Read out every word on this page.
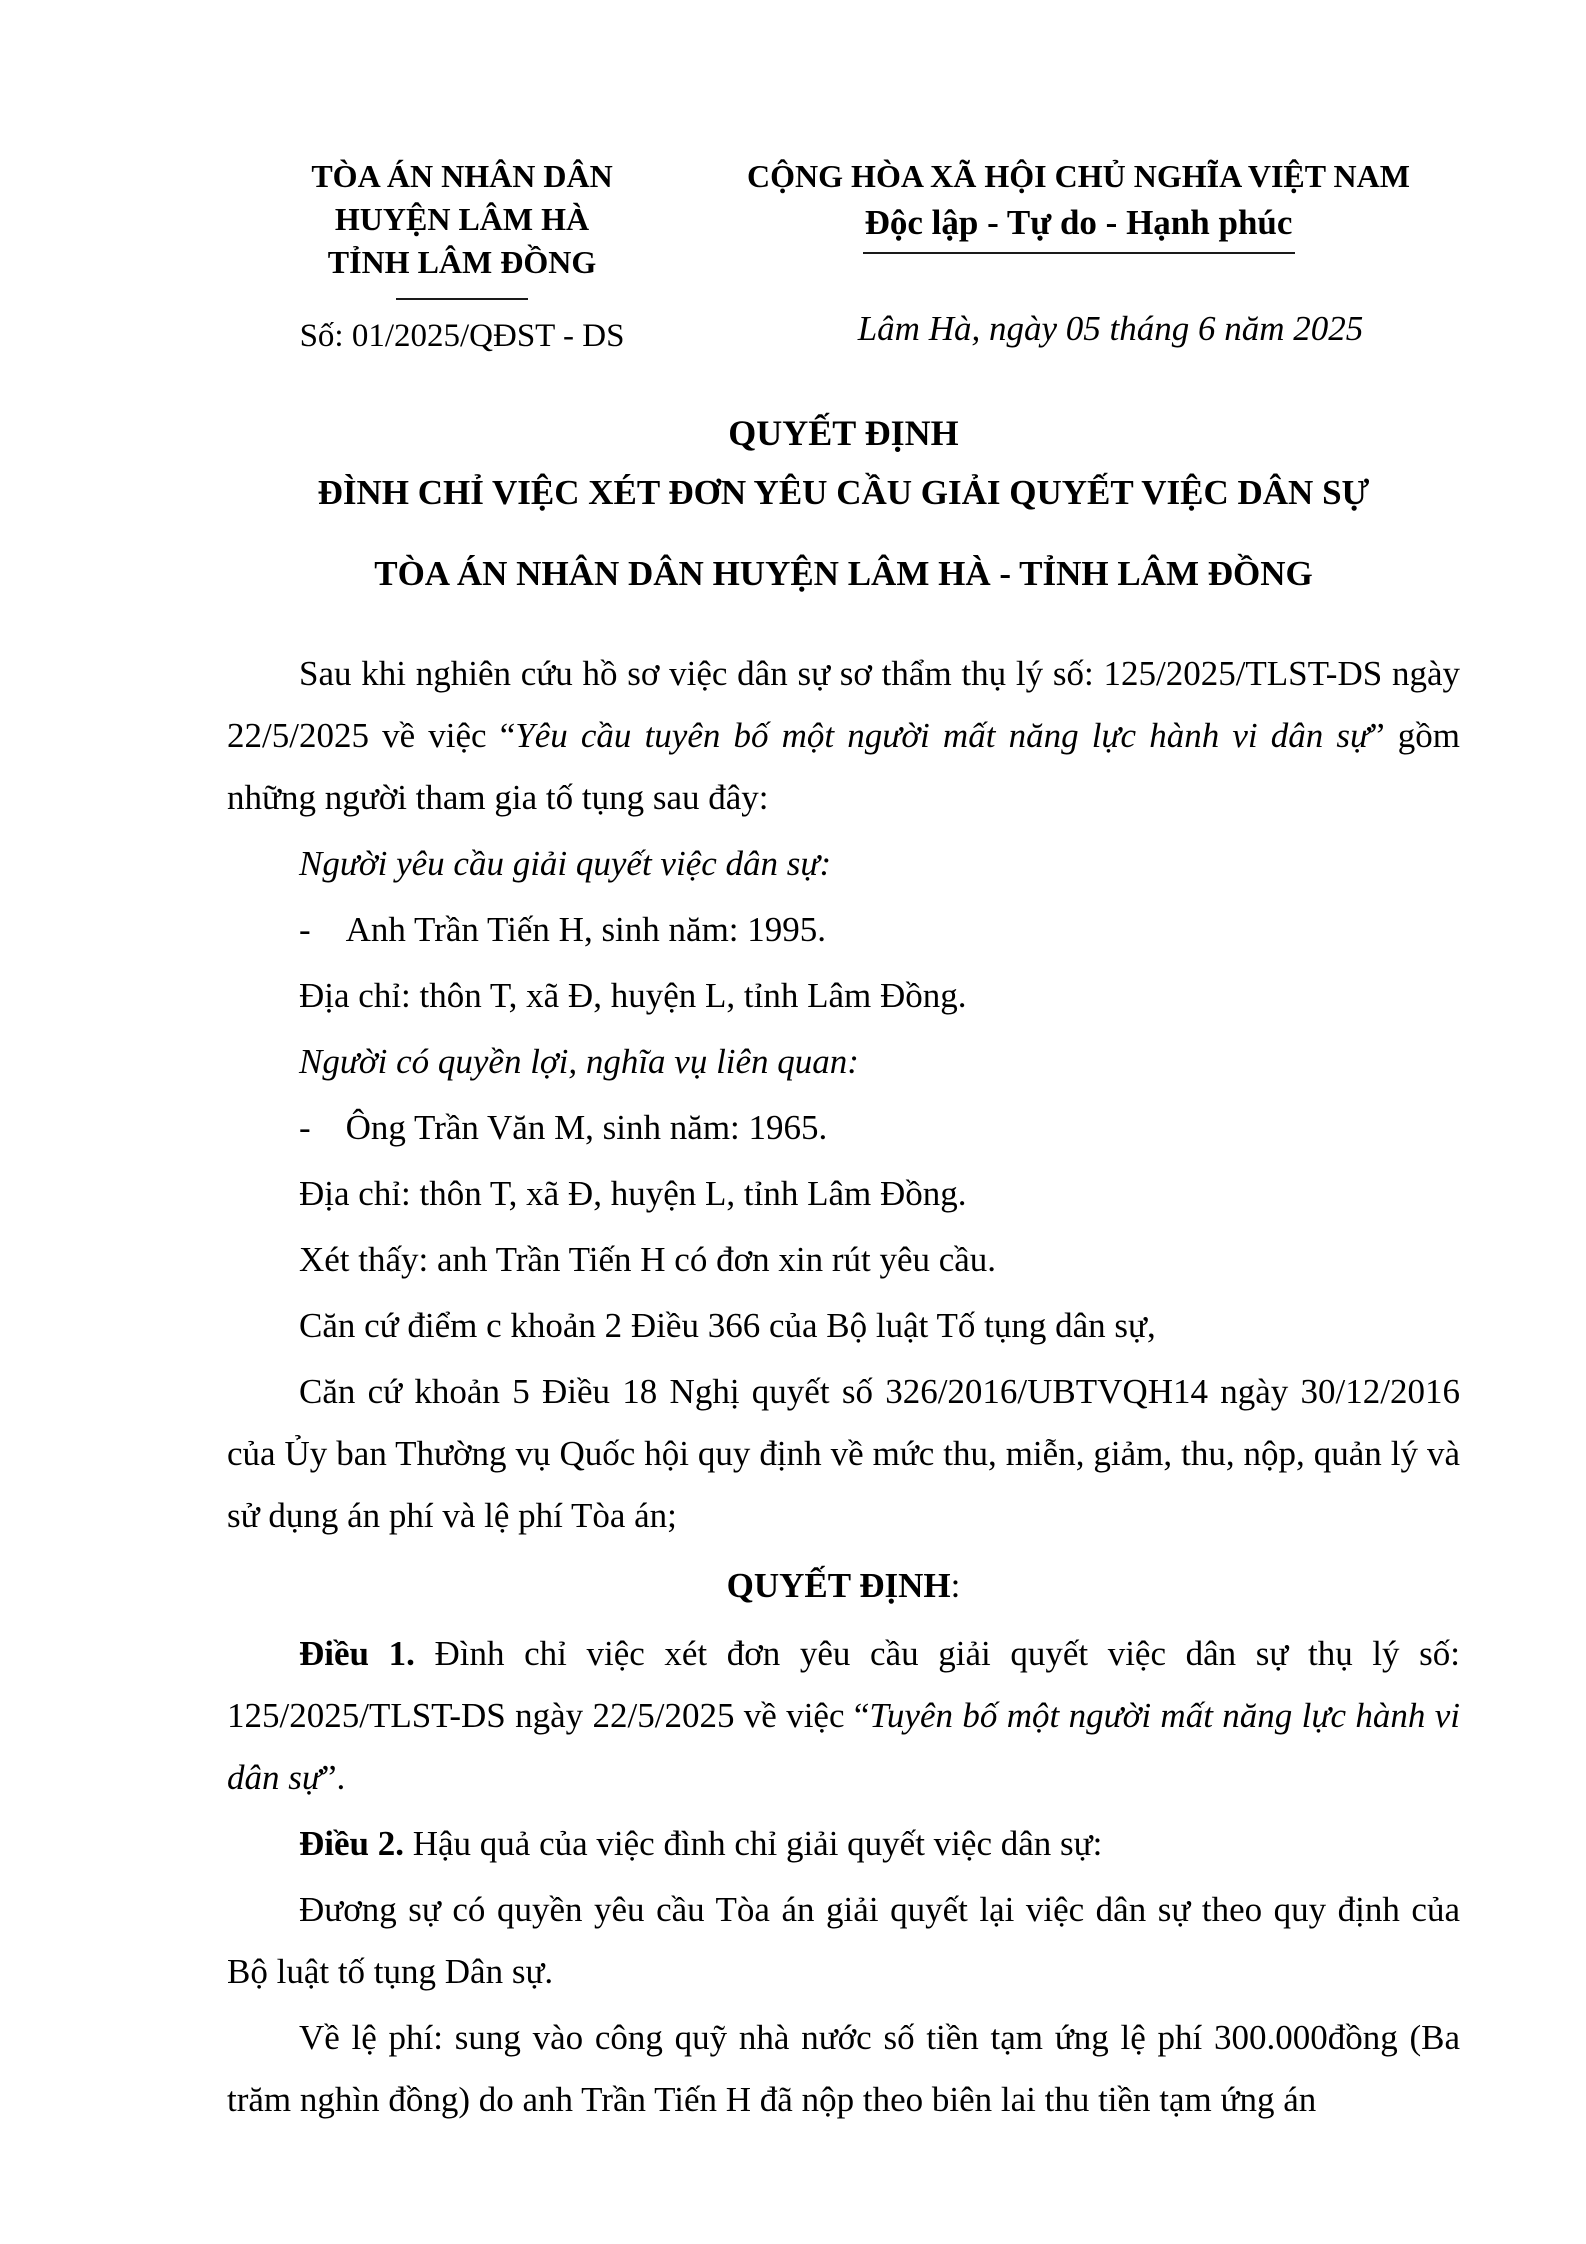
TÒA ÁN NHÂN DÂN
HUYỆN LÂM HÀ
TỈNH LÂM ĐỒNG
Số: 01/2025/QĐST - DS
CỘNG HÒA XÃ HỘI CHỦ NGHĨA VIỆT NAM
Độc lập - Tự do - Hạnh phúc
Lâm Hà, ngày 05 tháng 6 năm 2025
QUYẾT ĐỊNH
ĐÌNH CHỈ VIỆC XÉT ĐƠN YÊU CẦU GIẢI QUYẾT VIỆC DÂN SỰ
TÒA ÁN NHÂN DÂN HUYỆN LÂM HÀ - TỈNH LÂM ĐỒNG

Sau khi nghiên cứu hồ sơ việc dân sự sơ thẩm thụ lý số: 125/2025/TLST-DS ngày 22/5/2025 về việc “Yêu cầu tuyên bố một người mất năng lực hành vi dân sự” gồm những người tham gia tố tụng sau đây:

Người yêu cầu giải quyết việc dân sự:

-    Anh Trần Tiến H, sinh năm: 1995.

Địa chỉ: thôn T, xã Đ, huyện L, tỉnh Lâm Đồng.

Người có quyền lợi, nghĩa vụ liên quan:

-    Ông Trần Văn M, sinh năm: 1965.

Địa chỉ: thôn T, xã Đ, huyện L, tỉnh Lâm Đồng.

Xét thấy: anh Trần Tiến H có đơn xin rút yêu cầu.

Căn cứ điểm c khoản 2 Điều 366 của Bộ luật Tố tụng dân sự,

Căn cứ khoản 5 Điều 18 Nghị quyết số 326/2016/UBTVQH14 ngày 30/12/2016 của Ủy ban Thường vụ Quốc hội quy định về mức thu, miễn, giảm, thu, nộp, quản lý và sử dụng án phí và lệ phí Tòa án;

QUYẾT ĐỊNH:

Điều 1. Đình chỉ việc xét đơn yêu cầu giải quyết việc dân sự thụ lý số: 125/2025/TLST-DS ngày 22/5/2025 về việc “Tuyên bố một người mất năng lực hành vi dân sự”.

Điều 2. Hậu quả của việc đình chỉ giải quyết việc dân sự:

Đương sự có quyền yêu cầu Tòa án giải quyết lại việc dân sự theo quy định của Bộ luật tố tụng Dân sự.

Về lệ phí: sung vào công quỹ nhà nước số tiền tạm ứng lệ phí 300.000đồng (Ba trăm nghìn đồng) do anh Trần Tiến H đã nộp theo biên lai thu tiền tạm ứng án
